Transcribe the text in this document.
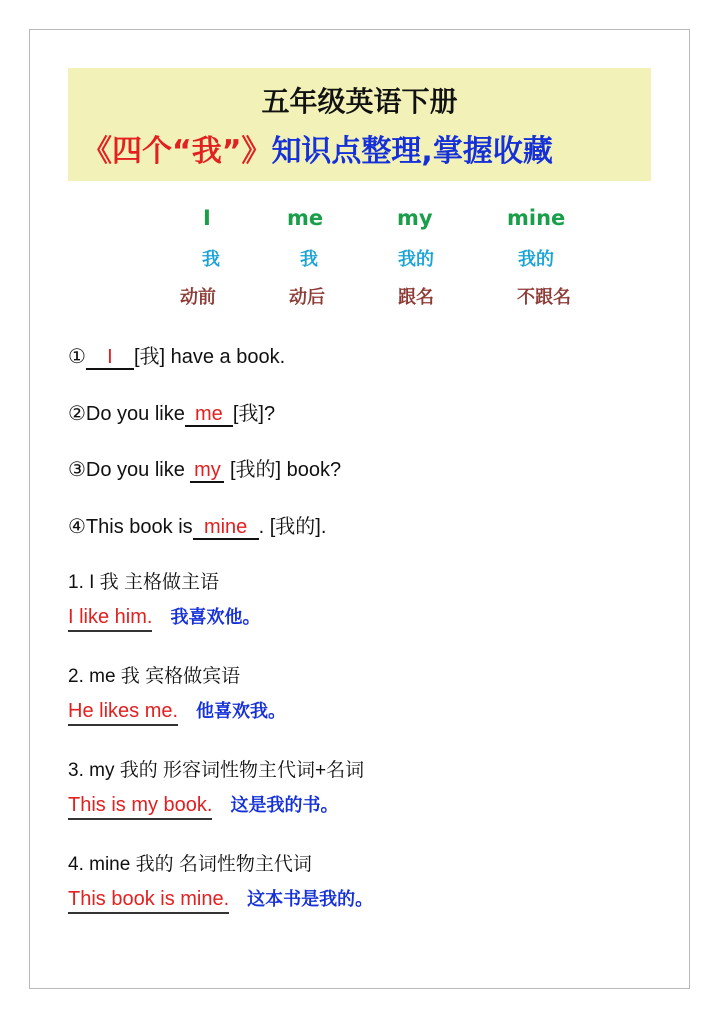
五年级英语下册
《四个“我”》知识点整理,掌握收藏
I	me	my	mine
我	我	我的	我的
动前	动后	跟名	不跟名
① I [我] have a book.
②Do you like me [我]?
③Do you like my [我的] book?
④This book is mine . [我的].
1. I 我 主格做主语
I like him. 我喜欢他。
2. me 我 宾格做宾语
He likes me. 他喜欢我。
3. my 我的 形容词性物主代词+名词
This is my book. 这是我的书。
4. mine 我的 名词性物主代词
This book is mine. 这本书是我的。
